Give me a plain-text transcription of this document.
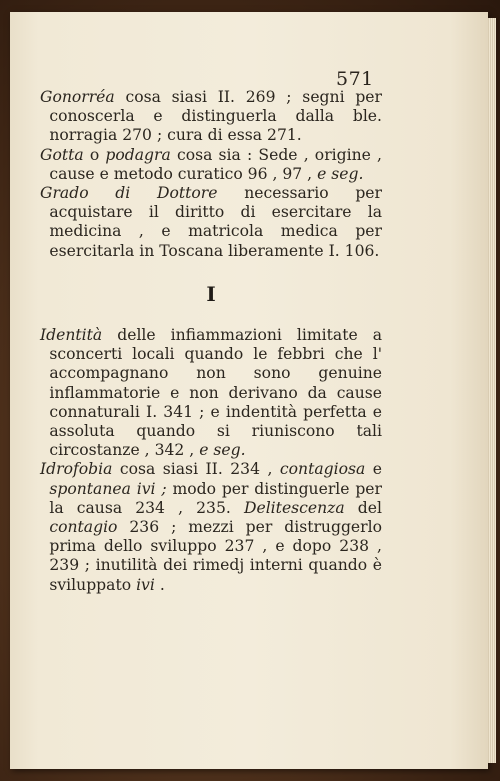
571

Gonorréa cosa siasi II. 269 ; segni per conoscerla e distinguerla dalla ble. norragia 270 ; cura di essa 271.

Gotta o podagra cosa sia : Sede , origine , cause e metodo curatico 96 , 97 , e seg.

Grado di Dottore necessario per acquistare il diritto di esercitare la medicina , e matricola medica per esercitarla in Toscana liberamente I. 106.

I

Identità delle infiammazioni limitate a sconcerti locali quando le febbri che l' accompagnano non sono genuine inflammatorie e non derivano da cause connaturali I. 341 ; e indentità perfetta e assoluta quando si riuniscono tali circostanze , 342 , e seg.

Idrofobia cosa siasi II. 234 , contagiosa e spontanea ivi ; modo per distinguerle per la causa 234 , 235. Delitescenza del contagio 236 ; mezzi per distruggerlo prima dello sviluppo 237 , e dopo 238 , 239 ; inutilità dei rimedj interni quando è sviluppato ivi .
